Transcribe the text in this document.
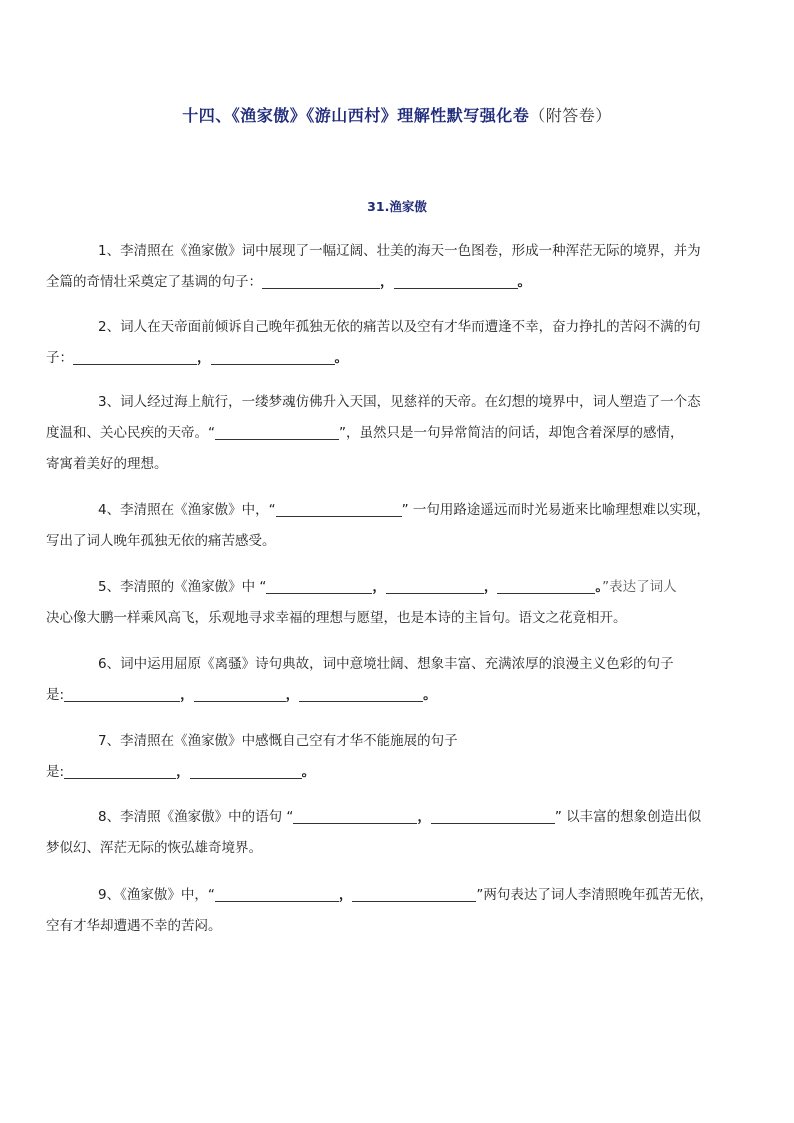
十四、《渔家傲》《游山西村》理解性默写强化卷（附答卷）
31.渔家傲
1、李清照在《渔家傲》词中展现了一幅辽阔、壮美的海天一色图卷，形成一种浑茫无际的境界，并为
全篇的奇情壮采奠定了基调的句子：	，	。
2、词人在天帝面前倾诉自己晚年孤独无依的痛苦以及空有才华而遭逢不幸，奋力挣扎的苦闷不满的句
子：	，	。
3、词人经过海上航行，一缕梦魂仿佛升入天国，见慈祥的天帝。在幻想的境界中，词人塑造了一个态
度温和、关心民疾的天帝。“	”，虽然只是一句异常简洁的问话，却饱含着深厚的感情，
寄寓着美好的理想。
4、李清照在《渔家傲》中，“	” 一句用路途遥远而时光易逝来比喻理想难以实现，
写出了词人晚年孤独无依的痛苦感受。
5、李清照的《渔家傲》中 “	，	，	。”表达了词人
决心像大鹏一样乘风高飞，乐观地寻求幸福的理想与愿望，也是本诗的主旨句。语文之花竟相开。
6、词中运用屈原《离骚》诗句典故，词中意境壮阔、想象丰富、充满浓厚的浪漫主义色彩的句子
是:	，	，	。
7、李清照在《渔家傲》中感慨自己空有才华不能施展的句子
是:	，	。
8、李清照《渔家傲》中的语句 “	，	” 以丰富的想象创造出似
梦似幻、浑茫无际的恢弘雄奇境界。
9、《渔家傲》中，“	，	”两句表达了词人李清照晚年孤苦无依，
空有才华却遭遇不幸的苦闷。
